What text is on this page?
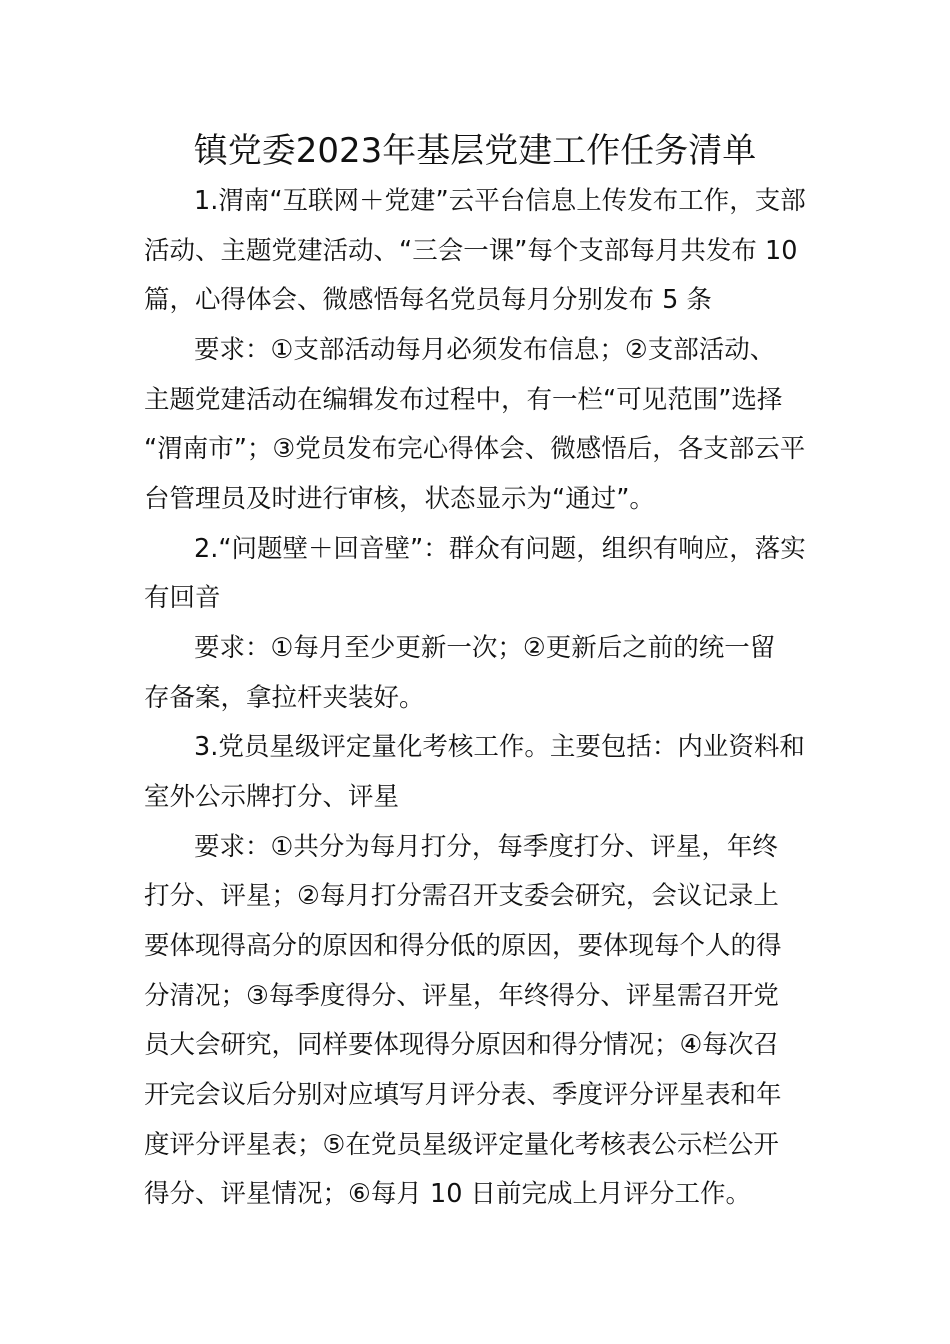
镇党委2023年基层党建工作任务清单
1.渭南“互联网＋党建”云平台信息上传发布工作，支部
活动、主题党建活动、“三会一课”每个支部每月共发布 10
篇，心得体会、微感悟每名党员每月分别发布 5 条
要求：①支部活动每月必须发布信息；②支部活动、
主题党建活动在编辑发布过程中，有一栏“可见范围”选择
“渭南市”；③党员发布完心得体会、微感悟后，各支部云平
台管理员及时进行审核，状态显示为“通过”。
2.“问题壁＋回音壁”：群众有问题，组织有响应，落实
有回音
要求：①每月至少更新一次；②更新后之前的统一留
存备案，拿拉杆夹装好。
3.党员星级评定量化考核工作。主要包括：内业资料和
室外公示牌打分、评星
要求：①共分为每月打分，每季度打分、评星，年终
打分、评星；②每月打分需召开支委会研究，会议记录上
要体现得高分的原因和得分低的原因，要体现每个人的得
分清况；③每季度得分、评星，年终得分、评星需召开党
员大会研究，同样要体现得分原因和得分情况；④每次召
开完会议后分别对应填写月评分表、季度评分评星表和年
度评分评星表；⑤在党员星级评定量化考核表公示栏公开
得分、评星情况；⑥每月 10 日前完成上月评分工作。
